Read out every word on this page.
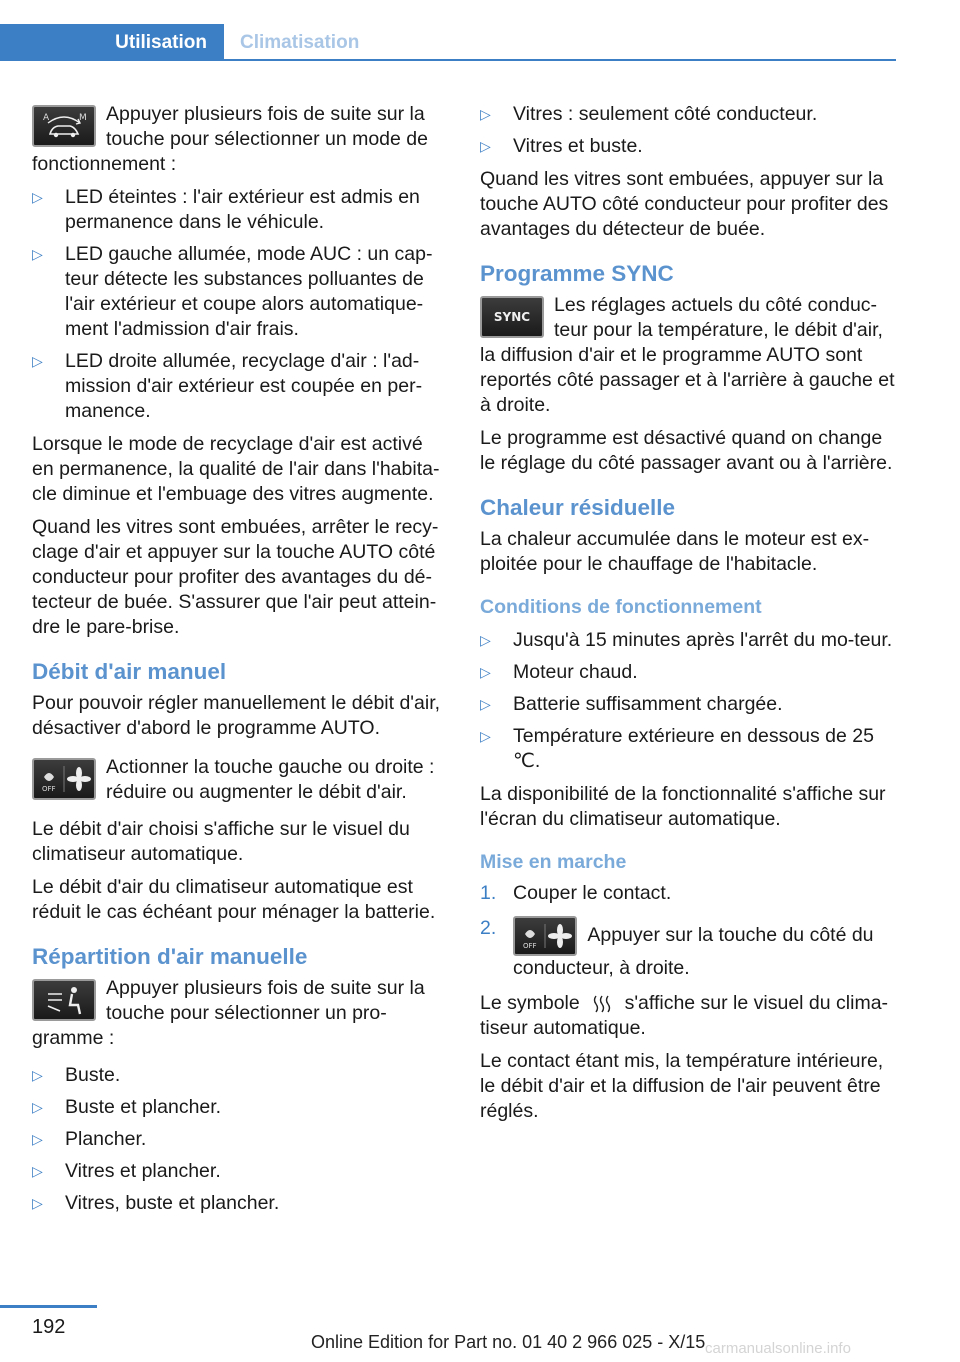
Utilisation	Climatisation

A	M Appuyer plusieurs fois de suite sur la touche pour sélectionner un mode de fonctionnement :

▷ LED éteintes : l'air extérieur est admis en permanence dans le véhicule.
▷ LED gauche allumée, mode AUC : un cap‐teur détecte les substances polluantes de l'air extérieur et coupe alors automatique‐ment l'admission d'air frais.
▷ LED droite allumée, recyclage d'air : l'ad‐mission d'air extérieur est coupée en per‐manence.

Lorsque le mode de recyclage d'air est activé en permanence, la qualité de l'air dans l'habita‐cle diminue et l'embuage des vitres augmente.

Quand les vitres sont embuées, arrêter le recy‐clage d'air et appuyer sur la touche AUTO côté conducteur pour profiter des avantages du dé‐tecteur de buée. S'assurer que l'air peut attein‐dre le pare-brise.

Débit d'air manuel

Pour pouvoir régler manuellement le débit d'air, désactiver d'abord le programme AUTO.

OFF
Actionner la touche gauche ou droite : réduire ou augmenter le débit d'air.

Le débit d'air choisi s'affiche sur le visuel du climatiseur automatique.

Le débit d'air du climatiseur automatique est réduit le cas échéant pour ménager la batterie.

Répartition d'air manuelle

Appuyer plusieurs fois de suite sur la touche pour sélectionner un pro‐gramme :

▷ Buste.
▷ Buste et plancher.
▷ Plancher.
▷ Vitres et plancher.
▷ Vitres, buste et plancher.
▷ Vitres : seulement côté conducteur.
▷ Vitres et buste.

Quand les vitres sont embuées, appuyer sur la touche AUTO côté conducteur pour profiter des avantages du détecteur de buée.

Programme SYNC

SYNC
Les réglages actuels du côté conduc‐teur pour la température, le débit d'air, la diffusion d'air et le programme AUTO sont reportés côté passager et à l'arrière à gauche et à droite.

Le programme est désactivé quand on change le réglage du côté passager avant ou à l'arrière.

Chaleur résiduelle

La chaleur accumulée dans le moteur est ex‐ploitée pour le chauffage de l'habitacle.

Conditions de fonctionnement
▷ Jusqu'à 15 minutes après l'arrêt du mo‐teur.
▷ Moteur chaud.
▷ Batterie suffisamment chargée.
▷ Température extérieure en dessous de 25 ℃.

La disponibilité de la fonctionnalité s'affiche sur l'écran du climatiseur automatique.

Mise en marche
1. Couper le contact.
2.
OFF	Appuyer sur la touche du côté du conducteur, à droite.

Le symbole s'affiche sur le visuel du clima‐tiseur automatique.

Le contact étant mis, la température intérieure, le débit d'air et la diffusion de l'air peuvent être réglés.

192
Online Edition for Part no. 01 40 2 966 025 - X/15 carmanualsonline.info
